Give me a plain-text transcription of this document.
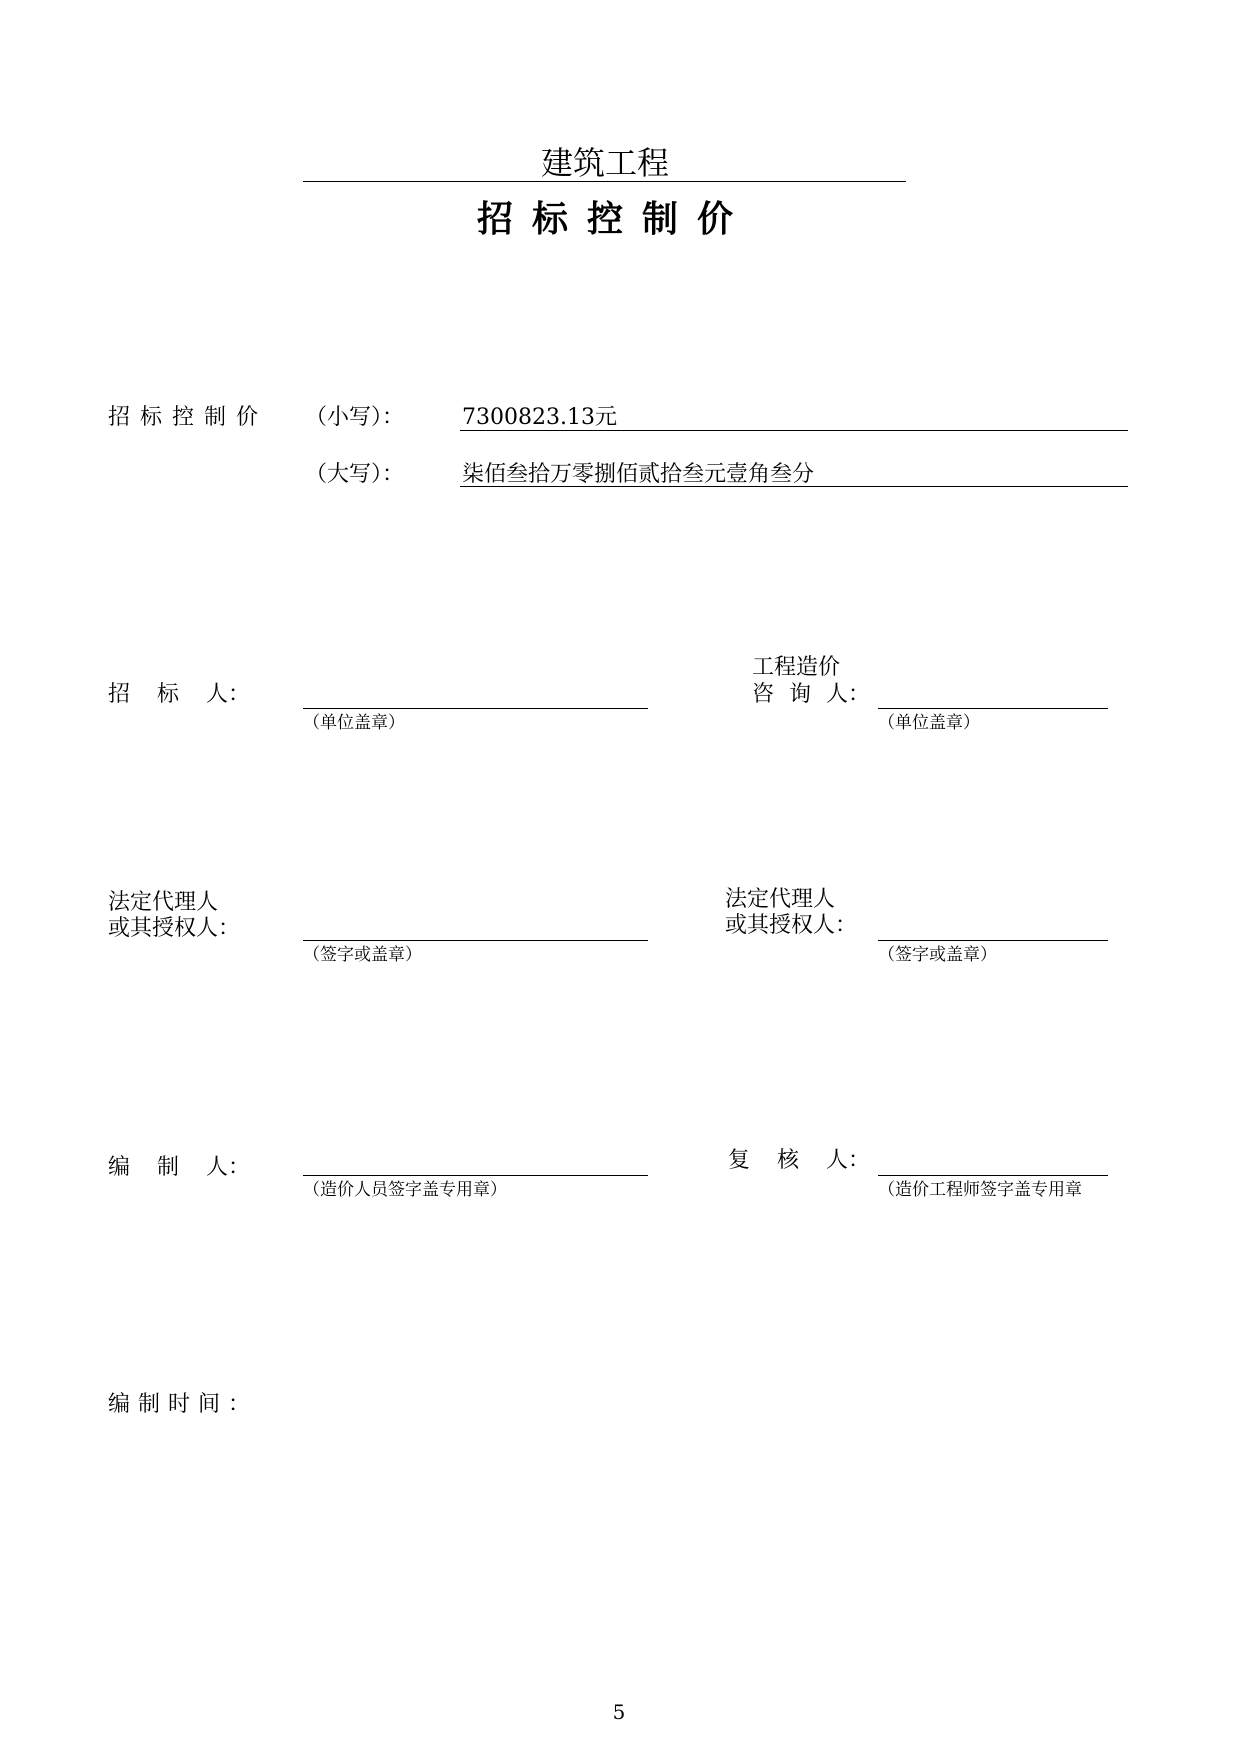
建筑工程
招标控制价
招标控制价 （小写）：	7300823.13元
（大写）：	柒佰叁拾万零捌佰贰拾叁元壹角叁分
招 标 人：
（单位盖章）
工程造价
咨 询 人：
（单位盖章）
法定代理人
或其授权人：
（签字或盖章）
法定代理人
或其授权人：
（签字或盖章）
编 制 人：
（造价人员签字盖专用章）
复 核 人：
（造价工程师签字盖专用章
编制时间：
5
